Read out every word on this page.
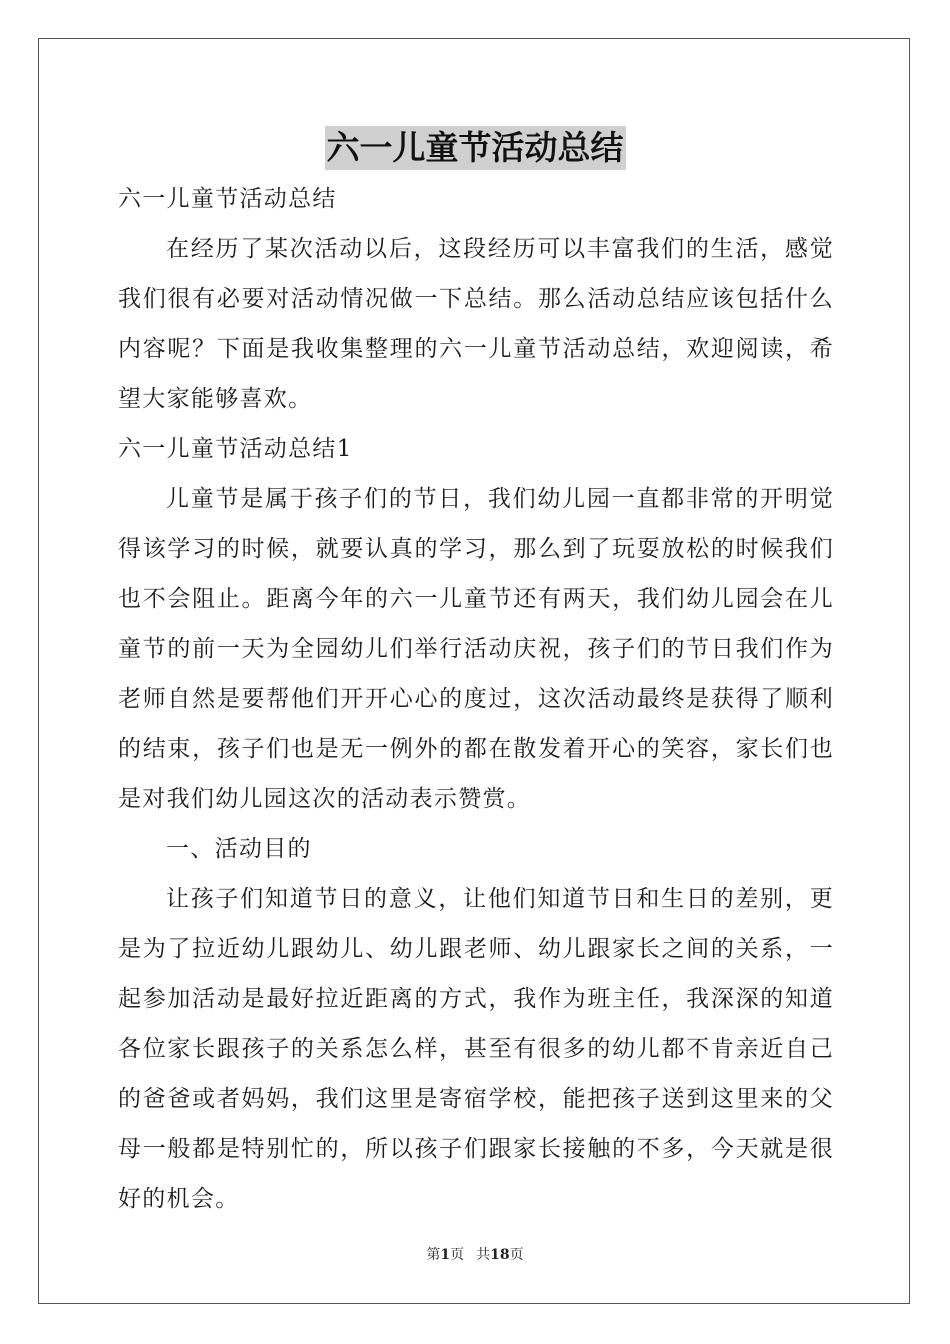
六一儿童节活动总结

六一儿童节活动总结

在经历了某次活动以后，这段经历可以丰富我们的生活，感觉我们很有必要对活动情况做一下总结。那么活动总结应该包括什么内容呢？下面是我收集整理的六一儿童节活动总结，欢迎阅读，希望大家能够喜欢。

六一儿童节活动总结1

儿童节是属于孩子们的节日，我们幼儿园一直都非常的开明觉得该学习的时候，就要认真的学习，那么到了玩耍放松的时候我们也不会阻止。距离今年的六一儿童节还有两天，我们幼儿园会在儿童节的前一天为全园幼儿们举行活动庆祝，孩子们的节日我们作为老师自然是要帮他们开开心心的度过，这次活动最终是获得了顺利的结束，孩子们也是无一例外的都在散发着开心的笑容，家长们也是对我们幼儿园这次的活动表示赞赏。

一、活动目的

让孩子们知道节日的意义，让他们知道节日和生日的差别，更是为了拉近幼儿跟幼儿、幼儿跟老师、幼儿跟家长之间的关系，一起参加活动是最好拉近距离的方式，我作为班主任，我深深的知道各位家长跟孩子的关系怎么样，甚至有很多的幼儿都不肯亲近自己的爸爸或者妈妈，我们这里是寄宿学校，能把孩子送到这里来的父母一般都是特别忙的，所以孩子们跟家长接触的不多，今天就是很好的机会。

第1页 共18页
